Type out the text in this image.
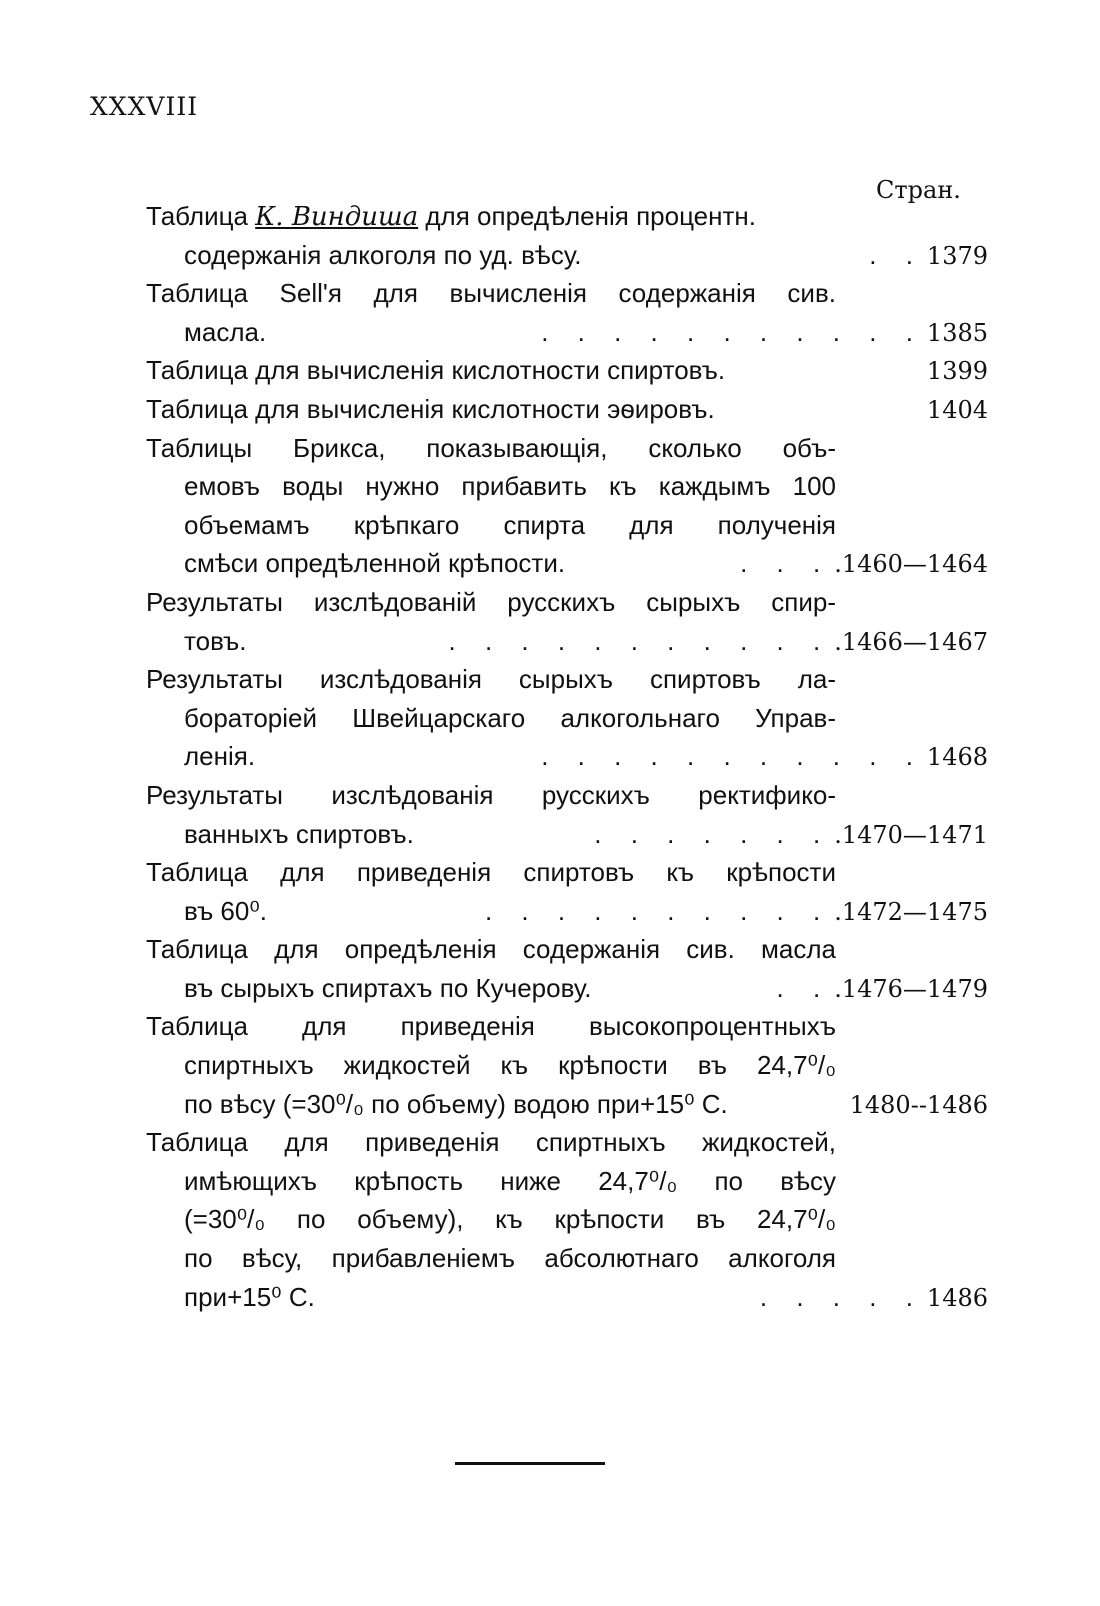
XXXVIII
Стран.
Таблица К. Виндиша для опредѣленія процентн.
содержанія алкоголя по уд. вѣсу.	. . 1379
Таблица Sell'я для вычисленія содержанія сив.
масла.	. . . . . . . . . . . 1385
Таблица для вычисленія кислотности спиртовъ.	1399
Таблица для вычисленія кислотности эѳировъ.	1404
Таблицы Брикса, показывающія, сколько объ-
емовъ воды нужно прибавить къ каждымъ 100
объемамъ крѣпкаго спирта для полученія
смѣси опредѣленной крѣпости.	. . . .1460—1464
Результаты изслѣдованій русскихъ сырыхъ спир-
товъ.	. . . . . . . . . . . .1466—1467
Результаты изслѣдованія сырыхъ спиртовъ ла-
бораторіей Швейцарскаго алкогольнаго Управ-
ленія.	. . . . . . . . . . . 1468
Результаты изслѣдованія русскихъ ректифико-
ванныхъ спиртовъ.	. . . . . . . .1470—1471
Таблица для приведенія спиртовъ къ крѣпости
въ 60⁰.	. . . . . . . . . . .1472—1475
Таблица для опредѣленія содержанія сив. масла
въ сырыхъ спиртахъ по Кучерову.	. . .1476—1479
Таблица для приведенія высокопроцентныхъ
спиртныхъ жидкостей къ крѣпости въ 24,7⁰/₀
по вѣсу (=30⁰/₀ по объему) водою при+15⁰ С.	1480--1486
Таблица для приведенія спиртныхъ жидкостей,
имѣющихъ крѣпость ниже 24,7⁰/₀ по вѣсу
(=30⁰/₀ по объему), къ крѣпости въ 24,7⁰/₀
по вѣсу, прибавленіемъ абсолютнаго алкоголя
при+15⁰ С.	. . . . . 1486
